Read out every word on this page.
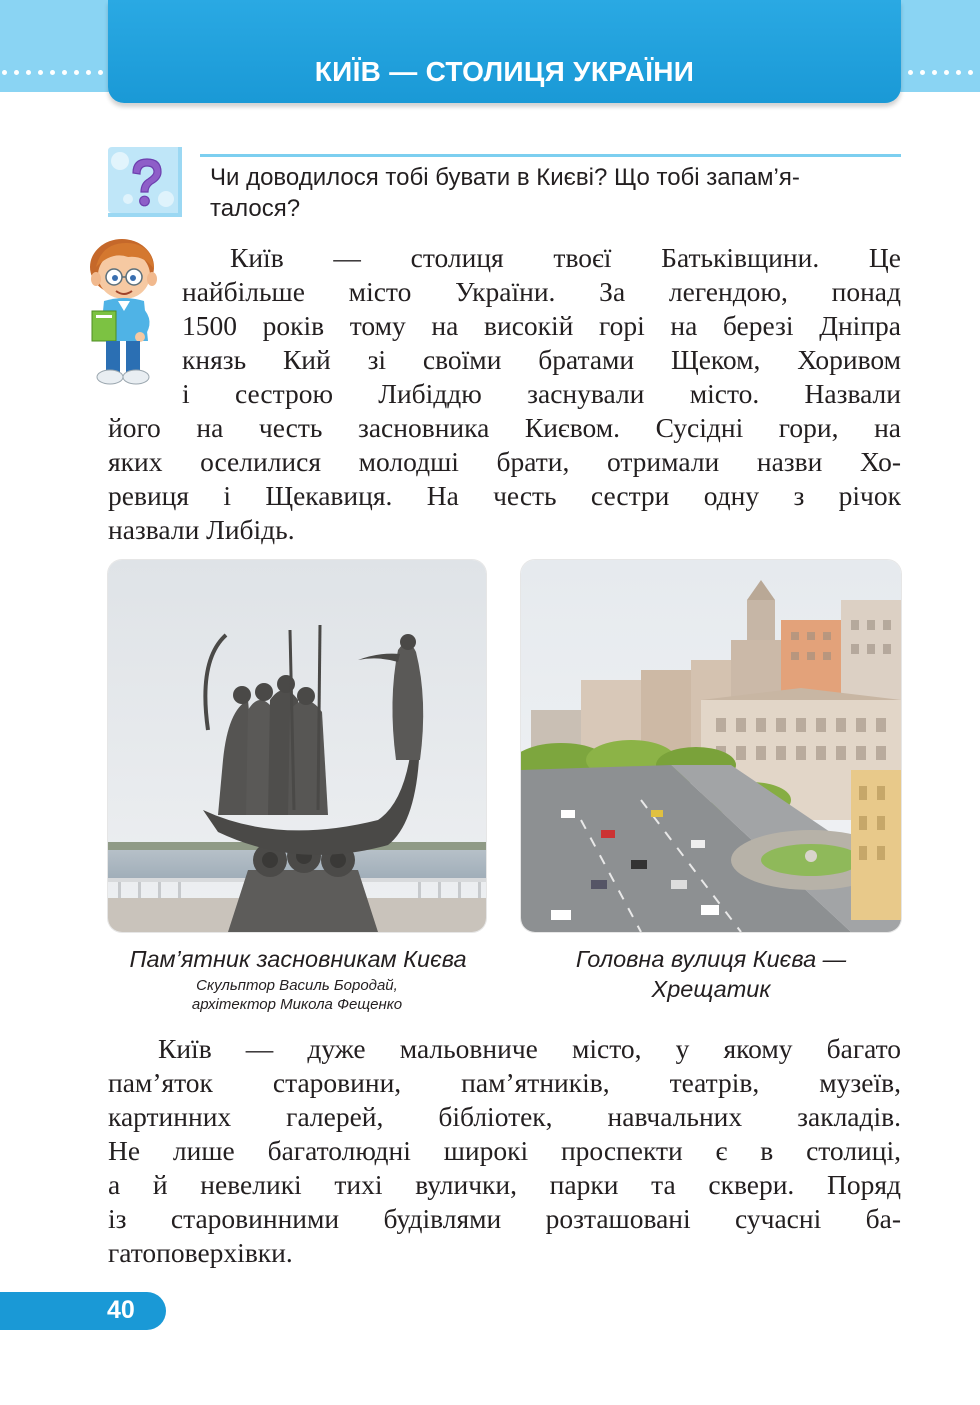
КИЇВ — СТОЛИЦЯ УКРАЇНИ
Чи доводилося тобі бувати в Києві? Що тобі запам’я-
талося?
Київ — столиця твоєї Батьківщини. Це
найбільше місто України. За легендою, понад
1500 років тому на високій горі на березі Дніпра
князь Кий зі своїми братами Щеком, Хоривом
і сестрою Либіддю заснували місто. Назвали
його на честь засновника Києвом. Сусідні гори, на
яких оселилися молодші брати, отримали назви Хо-
ревиця і Щекавиця. На честь сестри одну з річок
назвали Либідь.
Пам’ятник засновникам Києва
Скульптор Василь Бородай,
архітектор Микола Фещенко
Головна вулиця Києва —
Хрещатик
Київ — дуже мальовниче місто, у якому багато
пам’яток старовини, пам’ятників, театрів, музеїв,
картинних галерей, бібліотек, навчальних закладів.
Не лише багатолюдні широкі проспекти є в столиці,
а й невеликі тихі вулички, парки та сквери. Поряд
із старовинними будівлями розташовані сучасні ба-
гатоповерхівки.
40
